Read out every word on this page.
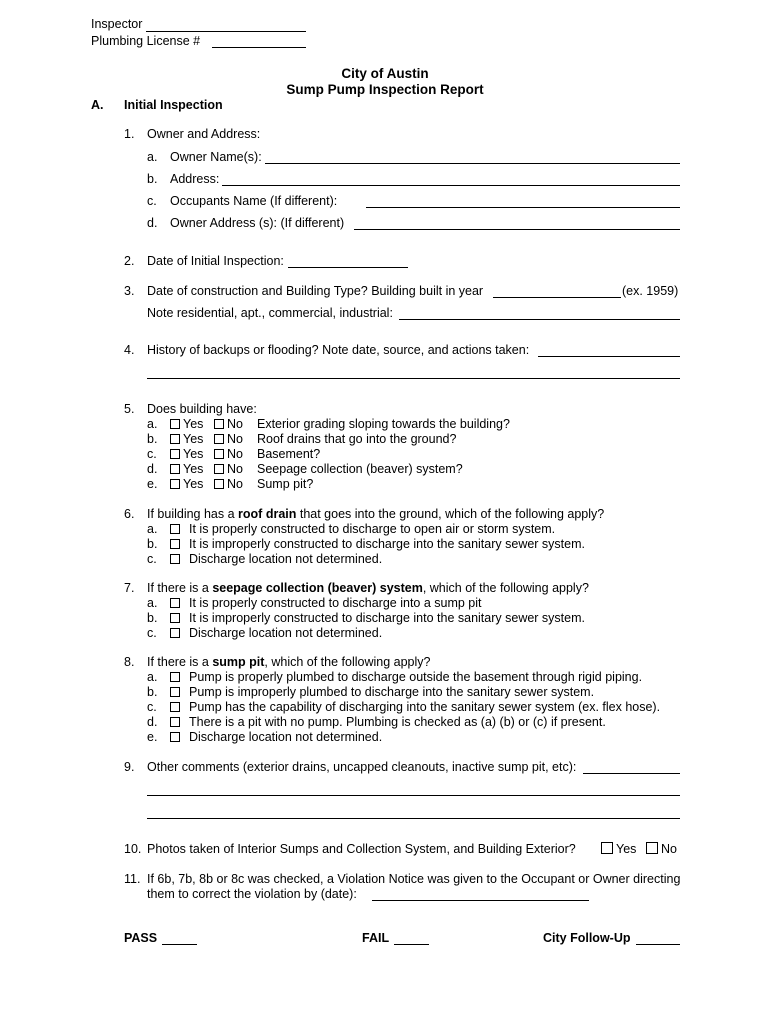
Inspector
Plumbing License #
City of Austin
Sump Pump Inspection Report
A. Initial Inspection
1. Owner and Address:
a. Owner Name(s):
b. Address:
c. Occupants Name (If different):
d. Owner Address (s): (If different)
2. Date of Initial Inspection:
3. Date of construction and Building Type? Building built in year	(ex. 1959)
Note residential, apt., commercial, industrial:
4. History of backups or flooding? Note date, source, and actions taken:
5. Does building have:
a.	Yes	No Exterior grading sloping towards the building?
b.	Yes	No Roof drains that go into the ground?
c.	Yes	No Basement?
d.	Yes	No Seepage collection (beaver) system?
e.	Yes	No Sump pit?
6. If building has a roof drain that goes into the ground, which of the following apply?
a.	It is properly constructed to discharge to open air or storm system.
b.	It is improperly constructed to discharge into the sanitary sewer system.
c.	Discharge location not determined.
7. If there is a seepage collection (beaver) system, which of the following apply?
a.	It is properly constructed to discharge into a sump pit
b.	It is improperly constructed to discharge into the sanitary sewer system.
c.	Discharge location not determined.
8. If there is a sump pit, which of the following apply?
a.	Pump is properly plumbed to discharge outside the basement through rigid piping.
b.	Pump is improperly plumbed to discharge into the sanitary sewer system.
c.	Pump has the capability of discharging into the sanitary sewer system (ex. flex hose).
d.	There is a pit with no pump. Plumbing is checked as (a) (b) or (c) if present.
e.	Discharge location not determined.
9. Other comments (exterior drains, uncapped cleanouts, inactive sump pit, etc):
10. Photos taken of Interior Sumps and Collection System, and Building Exterior?	Yes	No
11. If 6b, 7b, 8b or 8c was checked, a Violation Notice was given to the Occupant or Owner directing
them to correct the violation by (date):
PASS	FAIL	City Follow-Up
